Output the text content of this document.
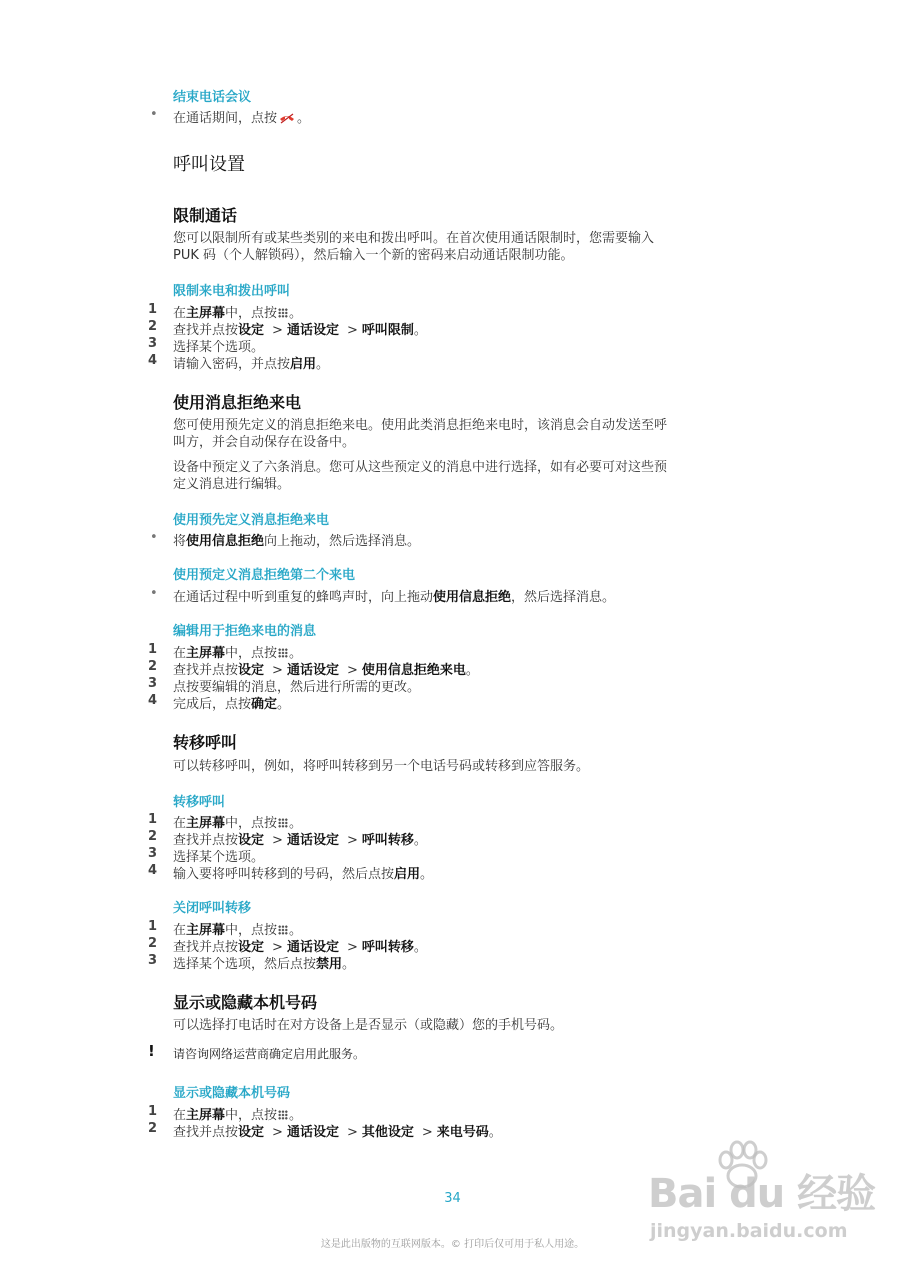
结束电话会议
• 在通话期间，点按 。
呼叫设置
限制通话
您可以限制所有或某些类别的来电和拨出呼叫。在首次使用通话限制时，您需要输入
PUK 码（个人解锁码），然后输入一个新的密码来启动通话限制功能。
限制来电和拨出呼叫
1	在主屏幕中，点按 。
2	查找并点按设定 > 通话设定 > 呼叫限制。
3	选择某个选项。
4	请输入密码，并点按启用。
使用消息拒绝来电
您可使用预先定义的消息拒绝来电。使用此类消息拒绝来电时，该消息会自动发送至呼
叫方，并会自动保存在设备中。
设备中预定义了六条消息。您可从这些预定义的消息中进行选择，如有必要可对这些预
定义消息进行编辑。
使用预先定义消息拒绝来电
• 将使用信息拒绝向上拖动，然后选择消息。
使用预定义消息拒绝第二个来电
• 在通话过程中听到重复的蜂鸣声时，向上拖动使用信息拒绝，然后选择消息。
编辑用于拒绝来电的消息
1	在主屏幕中，点按 。
2	查找并点按设定 > 通话设定 > 使用信息拒绝来电。
3	点按要编辑的消息，然后进行所需的更改。
4	完成后，点按确定。
转移呼叫
可以转移呼叫，例如，将呼叫转移到另一个电话号码或转移到应答服务。
转移呼叫
1	在主屏幕中，点按 。
2	查找并点按设定 > 通话设定 > 呼叫转移。
3	选择某个选项。
4	输入要将呼叫转移到的号码，然后点按启用。
关闭呼叫转移
1	在主屏幕中，点按 。
2	查找并点按设定 > 通话设定 > 呼叫转移。
3	选择某个选项，然后点按禁用。
显示或隐藏本机号码
可以选择打电话时在对方设备上是否显示（或隐藏）您的手机号码。
! 请咨询网络运营商确定启用此服务。
显示或隐藏本机号码
1	在主屏幕中，点按 。
2	查找并点按设定 > 通话设定 > 其他设定 > 来电号码。
34
这是此出版物的互联网版本。© 打印后仅可用于私人用途。
Bai du 经验
jingyan.baidu.com
